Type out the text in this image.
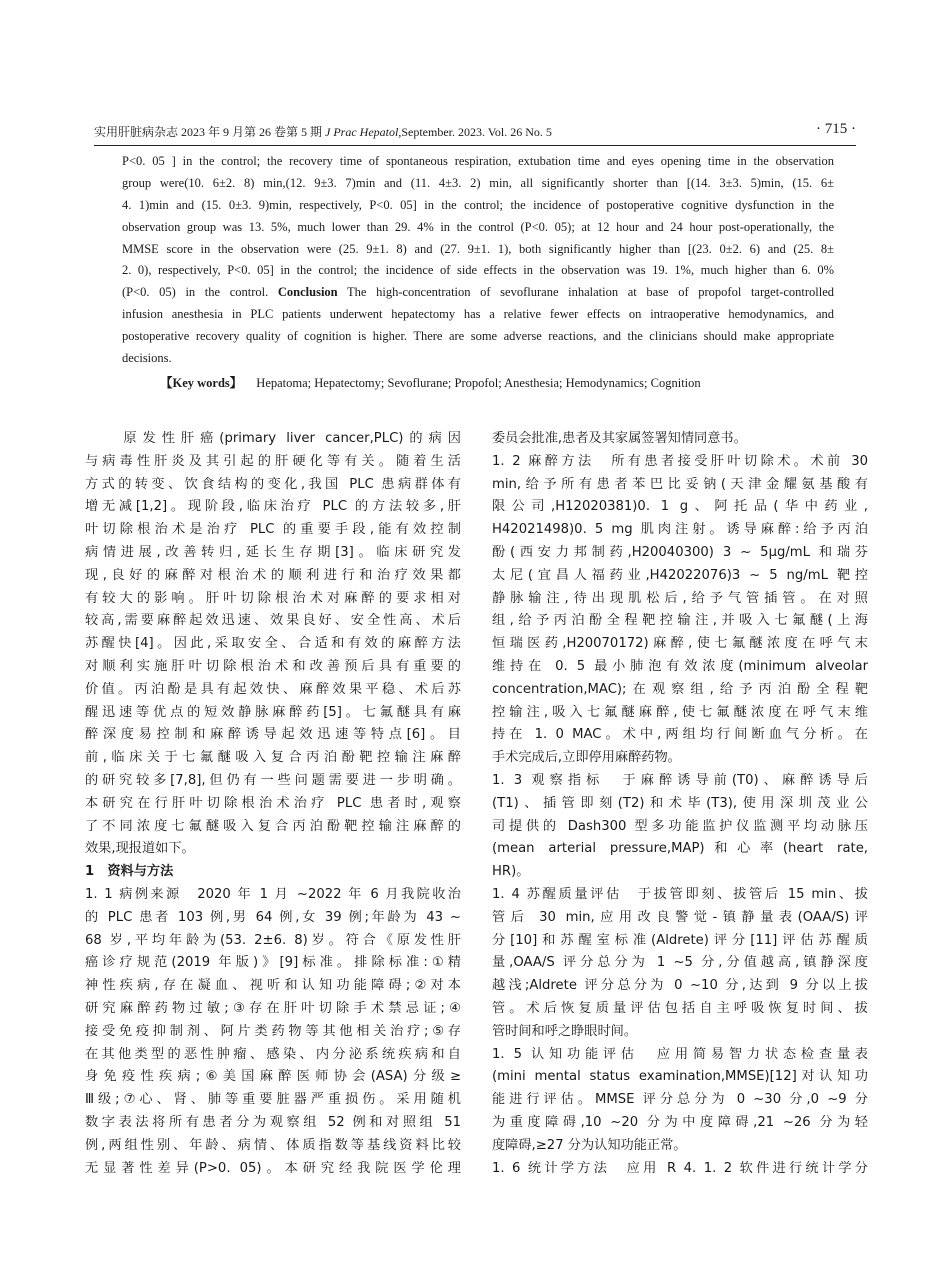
实用肝脏病杂志 2023 年 9 月第 26 卷第 5 期 J Prac Hepatol,September. 2023. Vol. 26 No. 5	· 715 ·
P<0. 05 ] in the control; the recovery time of spontaneous respiration, extubation time and eyes opening time in the observation
group were(10. 6±2. 8) min,(12. 9±3. 7)min and (11. 4±3. 2) min, all significantly shorter than [(14. 3±3. 5)min, (15. 6±
4. 1)min and (15. 0±3. 9)min, respectively, P<0. 05] in the control; the incidence of postoperative cognitive dysfunction in the
observation group was 13. 5%, much lower than 29. 4% in the control (P<0. 05); at 12 hour and 24 hour post-operationally, the
MMSE score in the observation were (25. 9±1. 8) and (27. 9±1. 1), both significantly higher than [(23. 0±2. 6) and (25. 8±
2. 0), respectively, P<0. 05] in the control; the incidence of side effects in the observation was 19. 1%, much higher than 6. 0%
(P<0. 05) in the control. Conclusion The high-concentration of sevoflurane inhalation at base of propofol target-controlled
infusion anesthesia in PLC patients underwent hepatectomy has a relative fewer effects on intraoperative hemodynamics, and
postoperative recovery quality of cognition is higher. There are some adverse reactions, and the clinicians should make appropriate
decisions.
【Key words】 Hepatoma; Hepatectomy; Sevoflurane; Propofol; Anesthesia; Hemodynamics; Cognition
　　原发性肝癌(primary liver cancer,PLC)的病因
与病毒性肝炎及其引起的肝硬化等有关。随着生活
方式的转变、饮食结构的变化,我国 PLC 患病群体有
增无减[1,2]。现阶段,临床治疗 PLC 的方法较多,肝
叶切除根治术是治疗 PLC 的重要手段,能有效控制
病情进展,改善转归,延长生存期[3]。临床研究发
现,良好的麻醉对根治术的顺利进行和治疗效果都
有较大的影响。肝叶切除根治术对麻醉的要求相对
较高,需要麻醉起效迅速、效果良好、安全性高、术后
苏醒快[4]。因此,采取安全、合适和有效的麻醉方法
对顺利实施肝叶切除根治术和改善预后具有重要的
价值。丙泊酚是具有起效快、麻醉效果平稳、术后苏
醒迅速等优点的短效静脉麻醉药[5]。七氟醚具有麻
醉深度易控制和麻醉诱导起效迅速等特点[6]。目
前,临床关于七氟醚吸入复合丙泊酚靶控输注麻醉
的研究较多[7,8],但仍有一些问题需要进一步明确。
本研究在行肝叶切除根治术治疗 PLC 患者时,观察
了不同浓度七氟醚吸入复合丙泊酚靶控输注麻醉的
效果,现报道如下。
1　资料与方法
1. 1 病例来源　2020 年 1 月 ~2022 年 6 月我院收治
的 PLC 患者 103 例,男 64 例,女 39 例;年龄为 43 ~
68 岁,平均年龄为(53. 2±6. 8)岁。符合《原发性肝
癌诊疗规范(2019 年版)》[9]标准。排除标准:①精
神性疾病,存在凝血、视听和认知功能障碍;②对本
研究麻醉药物过敏;③存在肝叶切除手术禁忌证;④
接受免疫抑制剂、阿片类药物等其他相关治疗;⑤存
在其他类型的恶性肿瘤、感染、内分泌系统疾病和自
身免疫性疾病;⑥美国麻醉医师协会(ASA)分级≥
Ⅲ级;⑦心、肾、肺等重要脏器严重损伤。采用随机
数字表法将所有患者分为观察组 52 例和对照组 51
例,两组性别、年龄、病情、体质指数等基线资料比较
无显著性差异(P>0. 05)。本研究经我院医学伦理
委员会批准,患者及其家属签署知情同意书。
1. 2 麻醉方法　所有患者接受肝叶切除术。术前 30
min,给予所有患者苯巴比妥钠(天津金耀氨基酸有
限公司,H12020381)0. 1 g、阿托品(华中药业,
H42021498)0. 5 mg 肌肉注射。诱导麻醉:给予丙泊
酚(西安力邦制药,H20040300) 3 ~ 5μg/mL 和瑞芬
太尼(宜昌人福药业,H42022076)3 ~ 5 ng/mL 靶控
静脉输注,待出现肌松后,给予气管插管。在对照
组,给予丙泊酚全程靶控输注,并吸入七氟醚(上海
恒瑞医药,H20070172)麻醉,使七氟醚浓度在呼气末
维持在 0. 5 最小肺泡有效浓度(minimum alveolar
concentration,MAC);在观察组,给予丙泊酚全程靶
控输注,吸入七氟醚麻醉,使七氟醚浓度在呼气末维
持在 1. 0 MAC。术中,两组均行间断血气分析。在
手术完成后,立即停用麻醉药物。
1. 3 观察指标　于麻醉诱导前(T0)、麻醉诱导后
(T1)、插管即刻(T2)和术毕(T3),使用深圳茂业公
司提供的 Dash300 型多功能监护仪监测平均动脉压
(mean arterial pressure,MAP)和心率(heart rate,
HR)。
1. 4 苏醒质量评估　于拔管即刻、拔管后 15 min、拔
管后 30 min,应用改良警觉-镇静量表(OAA/S)评
分[10]和苏醒室标准(Aldrete)评分[11]评估苏醒质
量,OAA/S 评分总分为 1 ~5 分,分值越高,镇静深度
越浅;Aldrete 评分总分为 0 ~10 分,达到 9 分以上拔
管。术后恢复质量评估包括自主呼吸恢复时间、拔
管时间和呼之睁眼时间。
1. 5 认知功能评估　应用简易智力状态检查量表
(mini mental status examination,MMSE)[12]对认知功
能进行评估。MMSE 评分总分为 0 ~30 分,0 ~9 分
为重度障碍,10 ~20 分为中度障碍,21 ~26 分为轻
度障碍,≥27 分为认知功能正常。
1. 6 统计学方法　应用 R 4. 1. 2 软件进行统计学分
